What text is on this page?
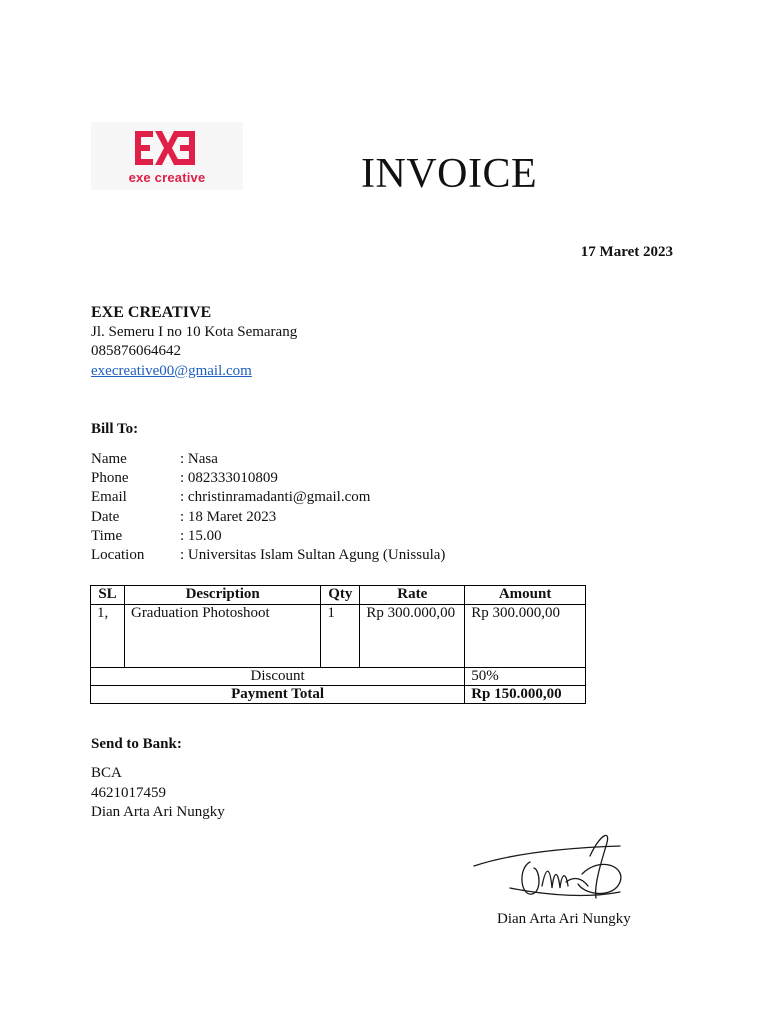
exe creative	INVOICE
17 Maret 2023
EXE CREATIVE
Jl. Semeru I no 10 Kota Semarang
085876064642
execreative00@gmail.com
Bill To:
Name	: Nasa
Phone	: 082333010809
Email	: christinramadanti@gmail.com
Date	: 18 Maret 2023
Time	: 15.00
Location	: Universitas Islam Sultan Agung (Unissula)
SL	Description	Qty	Rate	Amount
1,	Graduation Photoshoot	1	Rp 300.000,00	Rp 300.000,00
Discount				50%
Payment Total				Rp 150.000,00
Send to Bank:
BCA
4621017459
Dian Arta Ari Nungky
Dian Arta Ari Nungky
